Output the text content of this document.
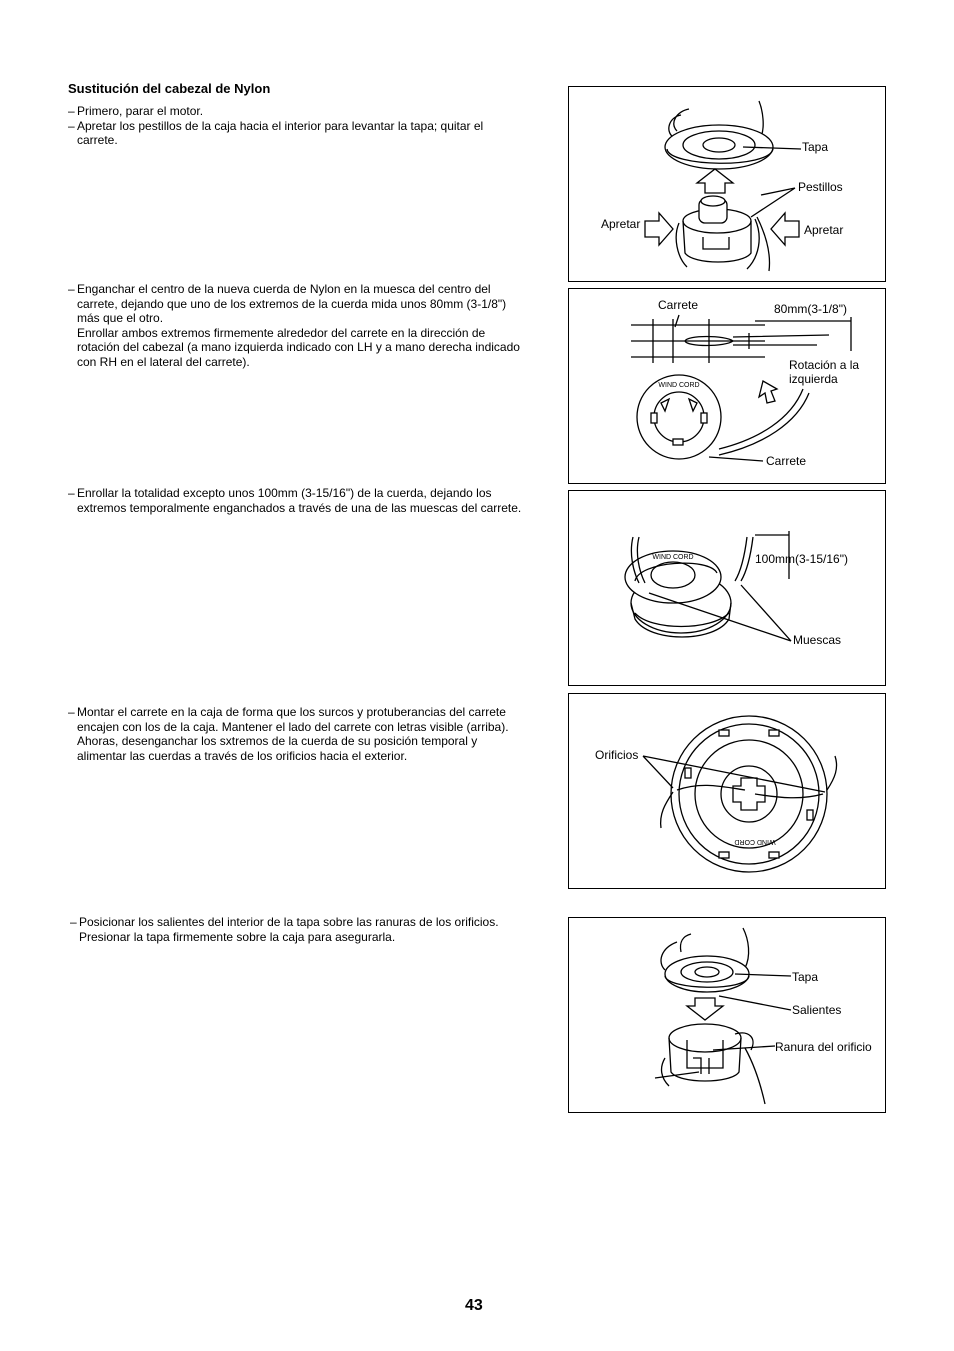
Sustitución del cabezal de Nylon
– Primero, parar el motor.
– Apretar los pestillos de la caja hacia el interior para levantar la tapa; quitar el carrete.
– Enganchar el centro de la nueva cuerda de Nylon en la muesca del centro del carrete, dejando que uno de los extremos de la cuerda mida unos 80mm (3-1/8") más que el otro.
Enrollar ambos extremos firmemente alrededor del carrete en la dirección de rotación del cabezal (a mano izquierda indicado con LH y a mano derecha indicado con RH en el lateral del carrete).
– Enrollar la totalidad excepto unos 100mm (3-15/16") de la cuerda, dejando los extremos temporalmente enganchados a través de una de las muescas del carrete.
– Montar el carrete en la caja de forma que los surcos y protuberancias del carrete encajen con los de la caja. Mantener el lado del carrete con letras visible (arriba). Ahoras, desenganchar los sxtremos de la cuerda de su posición temporal y alimentar las cuerdas a través de los orificios hacia el exterior.
– Posicionar los salientes del interior de la tapa sobre las ranuras de los orificios. Presionar la tapa firmemente sobre la caja para asegurarla.
Tapa
Pestillos
Apretar	Apretar
WIND CORD
Carrete	80mm(3-1/8")
Rotación a la
izquierda
Carrete
WIND CORD	100mm(3-15/16")
Muescas
WIND CORD
Orificios
Tapa
Salientes
Ranura del orificio
43
